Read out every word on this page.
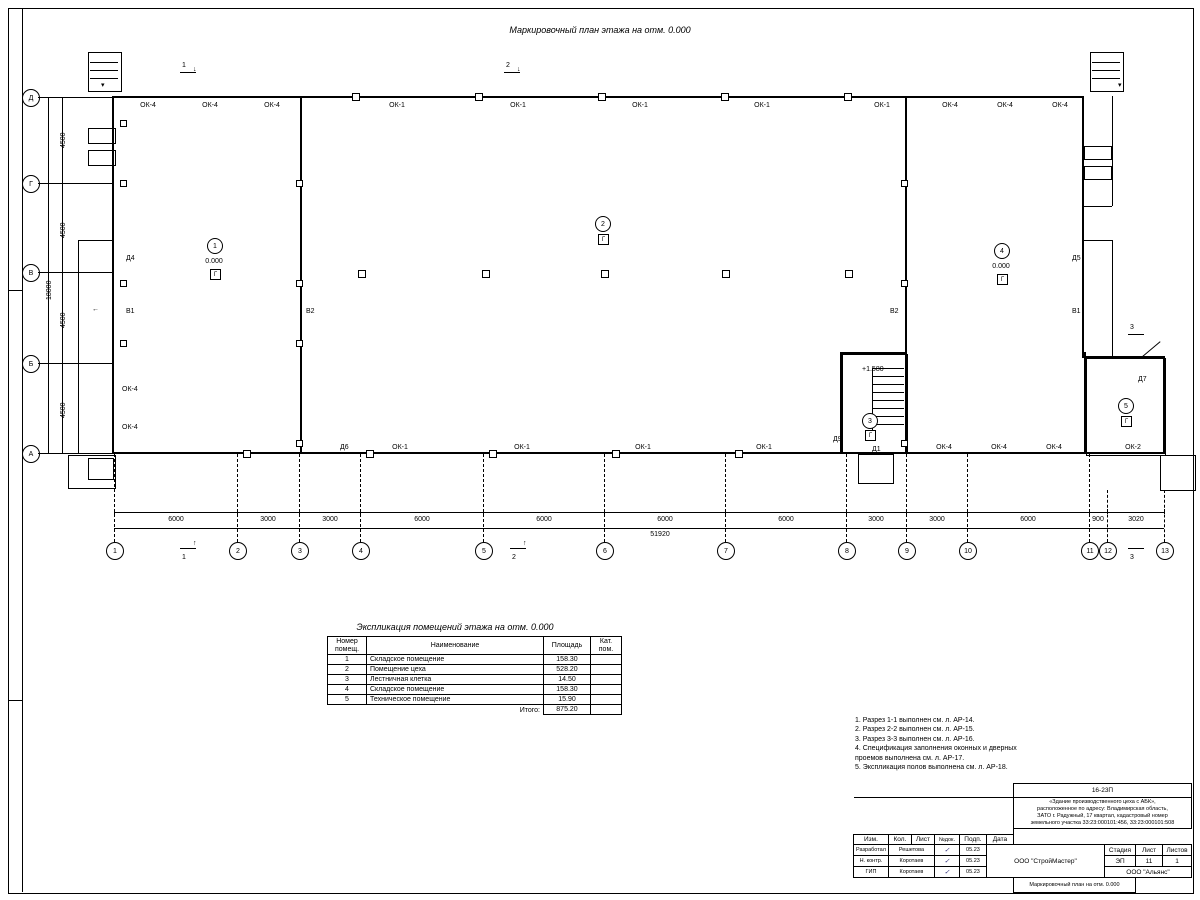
Маркировочный план этажа на отм. 0.000
▾	▾
+1.580
ОК-4	ОК-4	ОК-4	ОК-1	ОК-1	ОК-1	ОК-1	ОК-1	ОК-4	ОК-4	ОК-4
ОК-1	ОК-1	ОК-1	ОК-1	ОК-4	ОК-4	ОК-4	ОК-2
ОК-4
ОК-4
Д4	Д5
Д6
Д7
Д9
Д1
В1	В2	В2	В1
←
1
0.000
Г
2
Г
3
Г
4
0.000
Г
5
Г
1
↓
2
↓
3
1
↑
2
↑
3
Д
Г
В
Б
А
4500
4500
4500
4500
18000
6000	3000	3000	6000	6000	6000	6000	3000	3000	6000	900	3020
51920
1	2	3	4	5	6	7	8	9	10	11	12	13
Экспликация помещений этажа на отм. 0.000
Номер помещ.	Наименование	Площадь	Кат. пом.
1	Складское помещение	158.30	
2	Помещение цеха	528.20	
3	Лестничная клетка	14.50	
4	Складское помещение	158.30	
5	Техническое помещение	15.90	
Итого:		875.20	
1. Разрез 1-1 выполнен см. л. АР-14.
2. Разрез 2-2 выполнен см. л. АР-15.
3. Разрез 3-3 выполнен см. л. АР-16.
4. Спецификация заполнения оконных и дверных
проемов выполнена см. л. АР-17.
5. Экспликация полов выполнена см. л. АР-18.
						16-23П			

						«Здание производственного цеха с АБК»,
расположенное по адресу: Владимирская область,
ЗАТО г. Радужный, 17 квартал, кадастровый номер
земельного участка 33:23:000101:456, 33:23:000101:508			

Изм.	Кол.	Лист	№док.	Подп.	Дата				
Разработал	Решетова		✓	05.23	ООО "СтройМастер"		Стадия	Лист	Листов
Н. контр.	Коротаев		✓	05.23			ЭП	11	1
ГИП	Коротаев		✓	05.23			ООО "Альянс"		
						Маркировочный план на отм. 0.000			
